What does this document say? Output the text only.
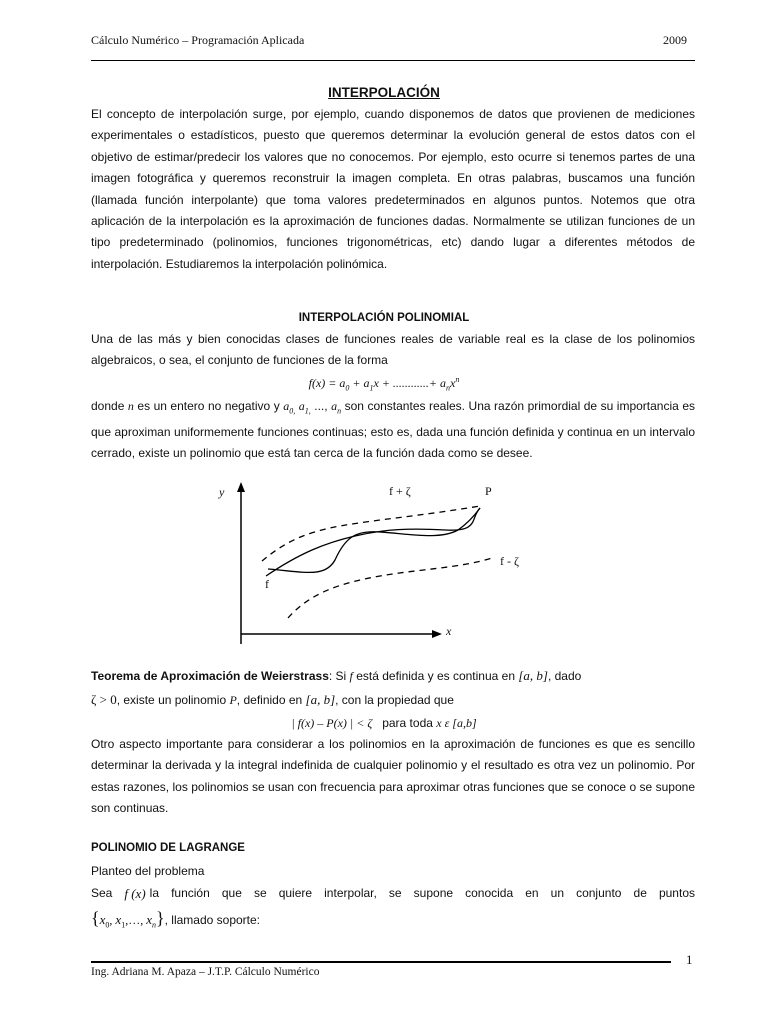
Cálculo Numérico – Programación Aplicada	2009
INTERPOLACIÓN
El concepto de interpolación surge, por ejemplo, cuando disponemos de datos que provienen de mediciones experimentales o estadísticos, puesto que queremos determinar la evolución general de estos datos con el objetivo de estimar/predecir los valores que no conocemos. Por ejemplo, esto ocurre si tenemos partes de una imagen fotográfica y queremos reconstruir la imagen completa. En otras palabras, buscamos una función (llamada función interpolante) que toma valores predeterminados en algunos puntos. Notemos que otra aplicación de la interpolación es la aproximación de funciones dadas. Normalmente se utilizan funciones de un tipo predeterminado (polinomios, funciones trigonométricas, etc) dando lugar a diferentes métodos de interpolación. Estudiaremos la interpolación polinómica.
INTERPOLACIÓN POLINOMIAL
Una de las más y bien conocidas clases de funciones reales de variable real es la clase de los polinomios algebraicos, o sea, el conjunto de funciones de la forma
$f(x) = a_0 + a_1x$ + ............+ $a_nx^n$
donde n es un entero no negativo y $a_{0,}$ $a_{1,}$ ..., $a_n$ son constantes reales. Una razón primordial de su importancia es que aproximan uniformemente funciones continuas; esto es, dada una función definida y continua en un intervalo cerrado, existe un polinomio que está tan cerca de la función dada como se desee.
y
x
f + ζ	P
f - ζ
f
Teorema de Aproximación de Weierstrass: Si f está definida y es continua en [a, b], dado
ζ > 0, existe un polinomio P, definido en [a, b], con la propiedad que
| f(x) – P(x) | < ζ para toda x ε [a,b]
Otro aspecto importante para considerar a los polinomios en la aproximación de funciones es que es sencillo determinar la derivada y la integral indefinida de cualquier polinomio y el resultado es otra vez un polinomio. Por estas razones, los polinomios se usan con frecuencia para aproximar otras funciones que se conoce o se supone son continuas.
POLINOMIO DE LAGRANGE
Planteo del problema
Sea f (x) la función que se quiere interpolar, se supone conocida en un conjunto de puntos
{$x_0$, $x_1,\dots$, $x_n$}, llamado soporte:
1
Ing. Adriana M. Apaza – J.T.P. Cálculo Numérico
